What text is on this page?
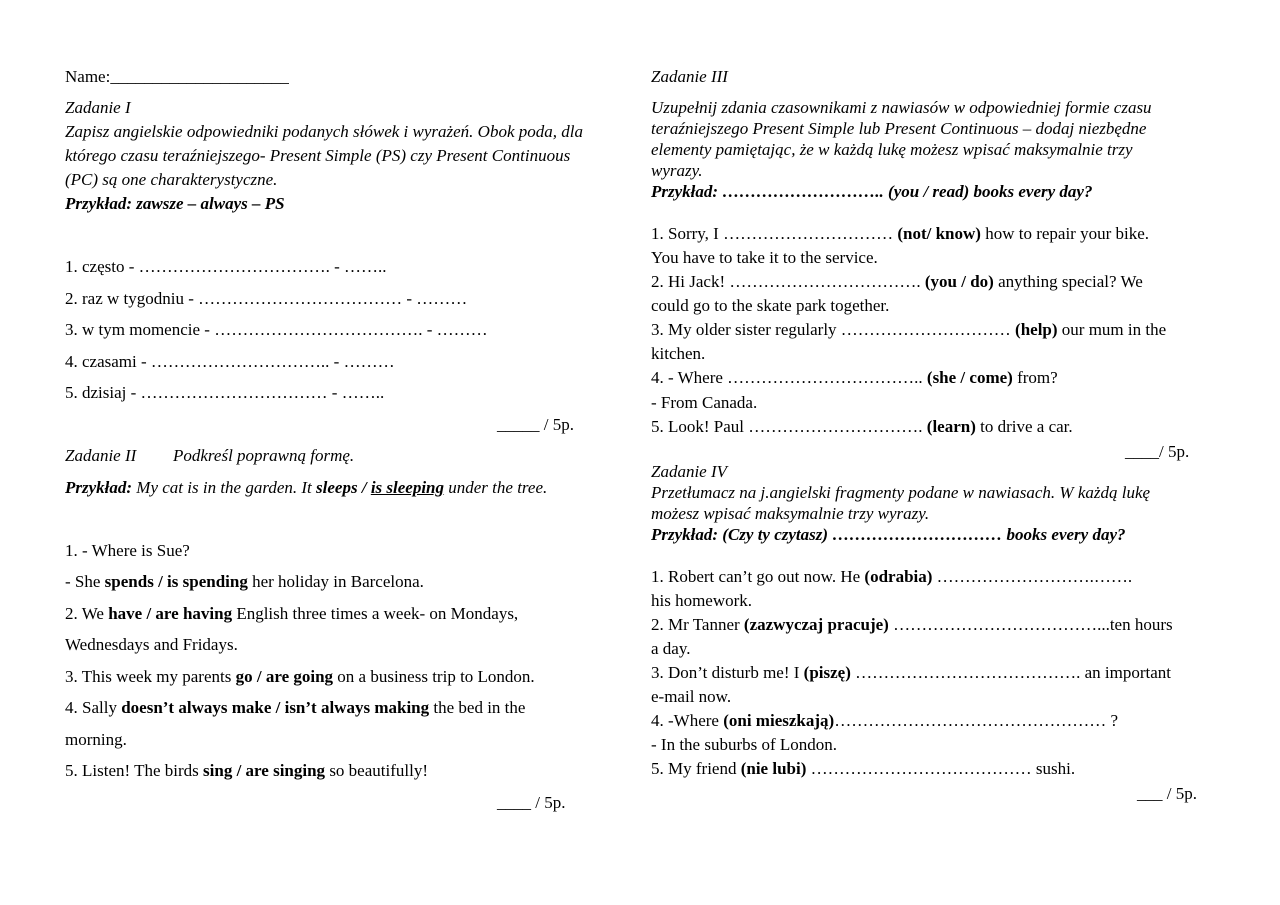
Name:_____________________
Zadanie I
Zapisz angielskie odpowiedniki podanych słówek i wyrażeń. Obok poda, dla
którego czasu teraźniejszego- Present Simple (PS) czy Present Continuous
(PC) są one charakterystyczne.
Przykład: zawsze – always – PS
1. często - ……………………………. - ……..
2. raz w tygodniu - ……………………………… - ………
3. w tym momencie - ………………………………. - ………
4. czasami - ………………………….. - ………
5. dzisiaj - …………………………… - ……..
_____ / 5p.
Zadanie II Podkreśl poprawną formę.
Przykład: My cat is in the garden. It sleeps / is sleeping under the tree.
1. - Where is Sue?
- She spends / is spending her holiday in Barcelona.
2. We have / are having English three times a week- on Mondays,
Wednesdays and Fridays.
3. This week my parents go / are going on a business trip to London.
4. Sally doesn’t always make / isn’t always making the bed in the
morning.
5. Listen! The birds sing / are singing so beautifully!
____ / 5p.
Zadanie III
Uzupełnij zdania czasownikami z nawiasów w odpowiedniej formie czasu
teraźniejszego Present Simple lub Present Continuous – dodaj niezbędne
elementy pamiętając, że w każdą lukę możesz wpisać maksymalnie trzy
wyrazy.
Przykład: ……………………….. (you / read) books every day?
1. Sorry, I ………………………… (not/ know) how to repair your bike.
You have to take it to the service.
2. Hi Jack! ……………………………. (you / do) anything special? We
could go to the skate park together.
3. My older sister regularly ………………………… (help) our mum in the
kitchen.
4. - Where …………………………….. (she / come) from?
- From Canada.
5. Look! Paul …………………………. (learn) to drive a car.
____/ 5p.
Zadanie IV
Przetłumacz na j.angielski fragmenty podane w nawiasach. W każdą lukę
możesz wpisać maksymalnie trzy wyrazy.
Przykład: (Czy ty czytasz) ………………………… books every day?
1. Robert can’t go out now. He (odrabia) ……………………….…….
his homework.
2. Mr Tanner (zazwyczaj pracuje) ………………………………...ten hours
a day.
3. Don’t disturb me! I (piszę) …………………………………. an important
e-mail now.
4. -Where (oni mieszkają)………………………………………… ?
- In the suburbs of London.
5. My friend (nie lubi) ………………………………… sushi.
___ / 5p.
